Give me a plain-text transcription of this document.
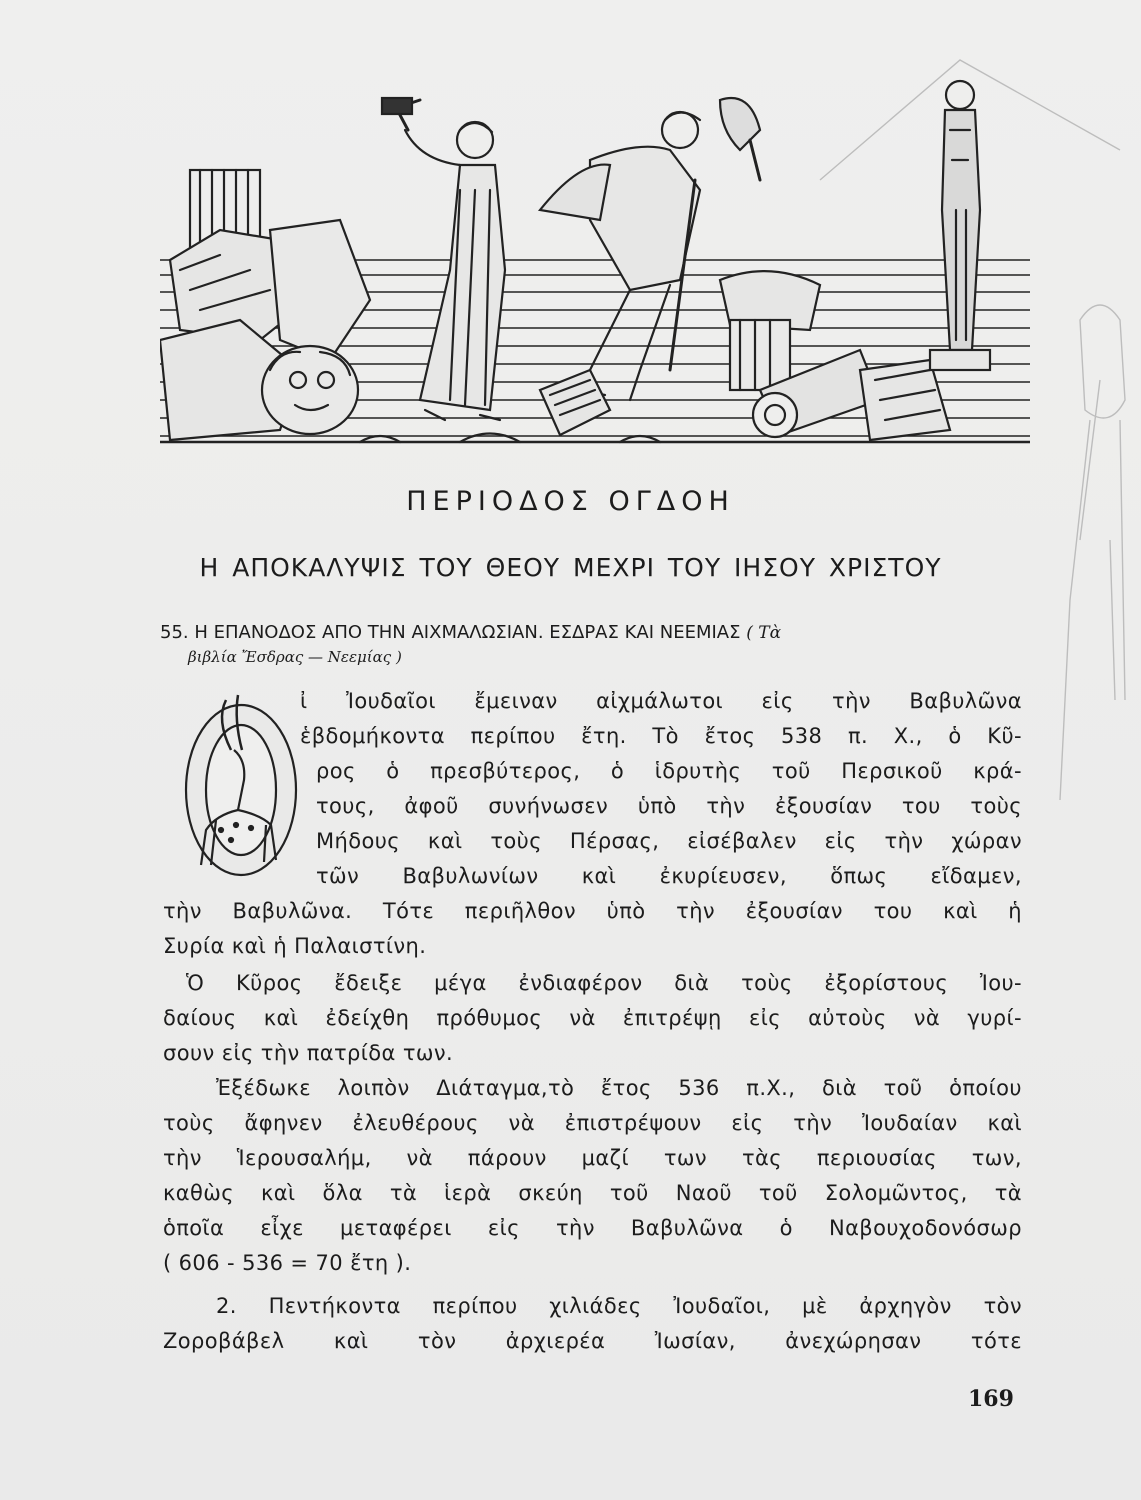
ΠΕΡΙΟΔΟΣ ΟΓΔΟΗ
Η ΑΠΟΚΑΛΥΨΙΣ ΤΟΥ ΘΕΟΥ ΜΕΧΡΙ ΤΟΥ ΙΗΣΟΥ ΧΡΙΣΤΟΥ
55. Η ΕΠΑΝΟΔΟΣ ΑΠΟ ΤΗΝ ΑΙΧΜΑΛΩΣΙΑΝ. ΕΣΔΡΑΣ ΚΑΙ ΝΕΕΜΙΑΣ ( Τὰ
βιβλία Ἔσδρας — Νεεμίας )
Ο	ἰ Ἰουδαῖοι ἔμειναν αἰχμάλωτοι εἰς τὴν Βαβυλῶνα
ἑβδομήκοντα περίπου ἔτη. Τὸ ἔτος 538 π. Χ., ὁ Κῦ-
ρος ὁ πρεσβύτερος, ὁ ἱδρυτὴς τοῦ Περσικοῦ κρά-
τους, ἀφοῦ συνήνωσεν ὑπὸ τὴν ἐξουσίαν του τοὺς
Μήδους καὶ τοὺς Πέρσας, εἰσέβαλεν εἰς τὴν χώραν
τῶν Βαβυλωνίων καὶ ἐκυρίευσεν, ὅπως εἴδαμεν,
τὴν Βαβυλῶνα. Τότε περιῆλθον ὑπὸ τὴν ἐξουσίαν του καὶ ἡ
Συρία καὶ ἡ Παλαιστίνη.
Ὁ Κῦρος ἔδειξε μέγα ἐνδιαφέρον διὰ τοὺς ἐξορίστους Ἰου-
δαίους καὶ ἐδείχθη πρόθυμος νὰ ἐπιτρέψῃ εἰς αὐτοὺς νὰ γυρί-
σουν εἰς τὴν πατρίδα των.
Ἐξέδωκε λοιπὸν Διάταγμα,τὸ ἔτος 536 π.Χ., διὰ τοῦ ὁποίου
τοὺς ἄφηνεν ἐλευθέρους νὰ ἐπιστρέψουν εἰς τὴν Ἰουδαίαν καὶ
τὴν Ἱερουσαλήμ, νὰ πάρουν μαζί των τὰς περιουσίας των,
καθὼς καὶ ὅλα τὰ ἱερὰ σκεύη τοῦ Ναοῦ τοῦ Σολομῶντος, τὰ
ὁποῖα εἶχε μεταφέρει εἰς τὴν Βαβυλῶνα ὁ Ναβουχοδονόσωρ
( 606 - 536 = 70 ἔτη ).
2. Πεντήκοντα περίπου χιλιάδες Ἰουδαῖοι, μὲ ἀρχηγὸν τὸν
Ζοροβάβελ καὶ τὸν ἀρχιερέα Ἰωσίαν, ἀνεχώρησαν τότε
169
